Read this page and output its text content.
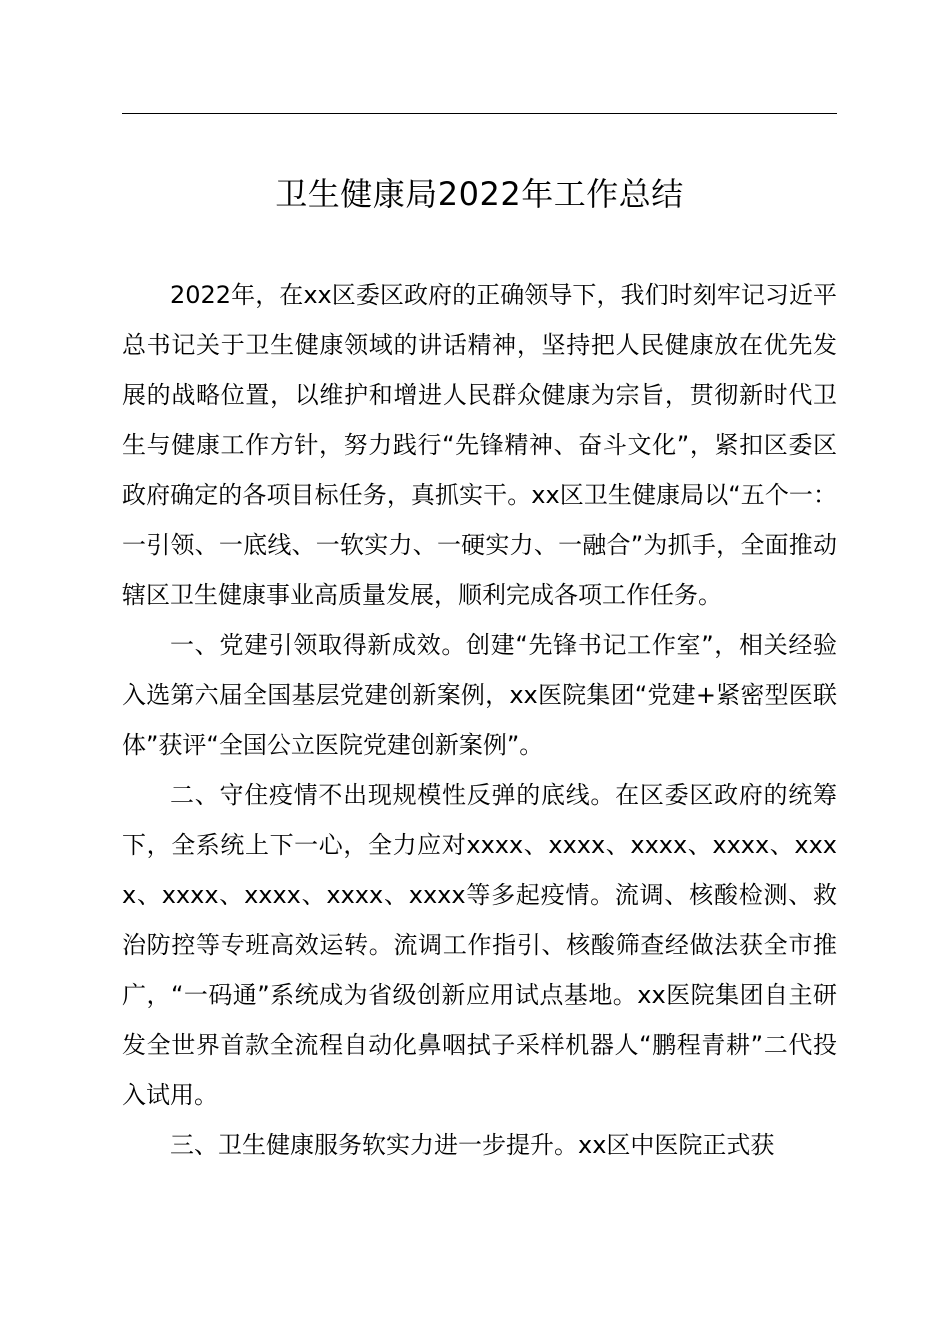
卫生健康局2022年工作总结

2022年，在xx区委区政府的正确领导下，我们时刻牢记习近平总书记关于卫生健康领域的讲话精神，坚持把人民健康放在优先发展的战略位置，以维护和增进人民群众健康为宗旨，贯彻新时代卫生与健康工作方针，努力践行“先锋精神、奋斗文化”，紧扣区委区政府确定的各项目标任务，真抓实干。xx区卫生健康局以“五个一：一引领、一底线、一软实力、一硬实力、一融合”为抓手，全面推动辖区卫生健康事业高质量发展，顺利完成各项工作任务。

一、党建引领取得新成效。创建“先锋书记工作室”，相关经验入选第六届全国基层党建创新案例，xx医院集团“党建+紧密型医联体”获评“全国公立医院党建创新案例”。

二、守住疫情不出现规模性反弹的底线。在区委区政府的统筹下，全系统上下一心，全力应对xxxx、xxxx、xxxx、xxxx、xxxx、xxxx、xxxx、xxxx、xxxx等多起疫情。流调、核酸检测、救治防控等专班高效运转。流调工作指引、核酸筛查经做法获全市推广，“一码通”系统成为省级创新应用试点基地。xx医院集团自主研发全世界首款全流程自动化鼻咽拭子采样机器人“鹏程青耕”二代投入试用。

三、卫生健康服务软实力进一步提升。xx区中医院正式获
